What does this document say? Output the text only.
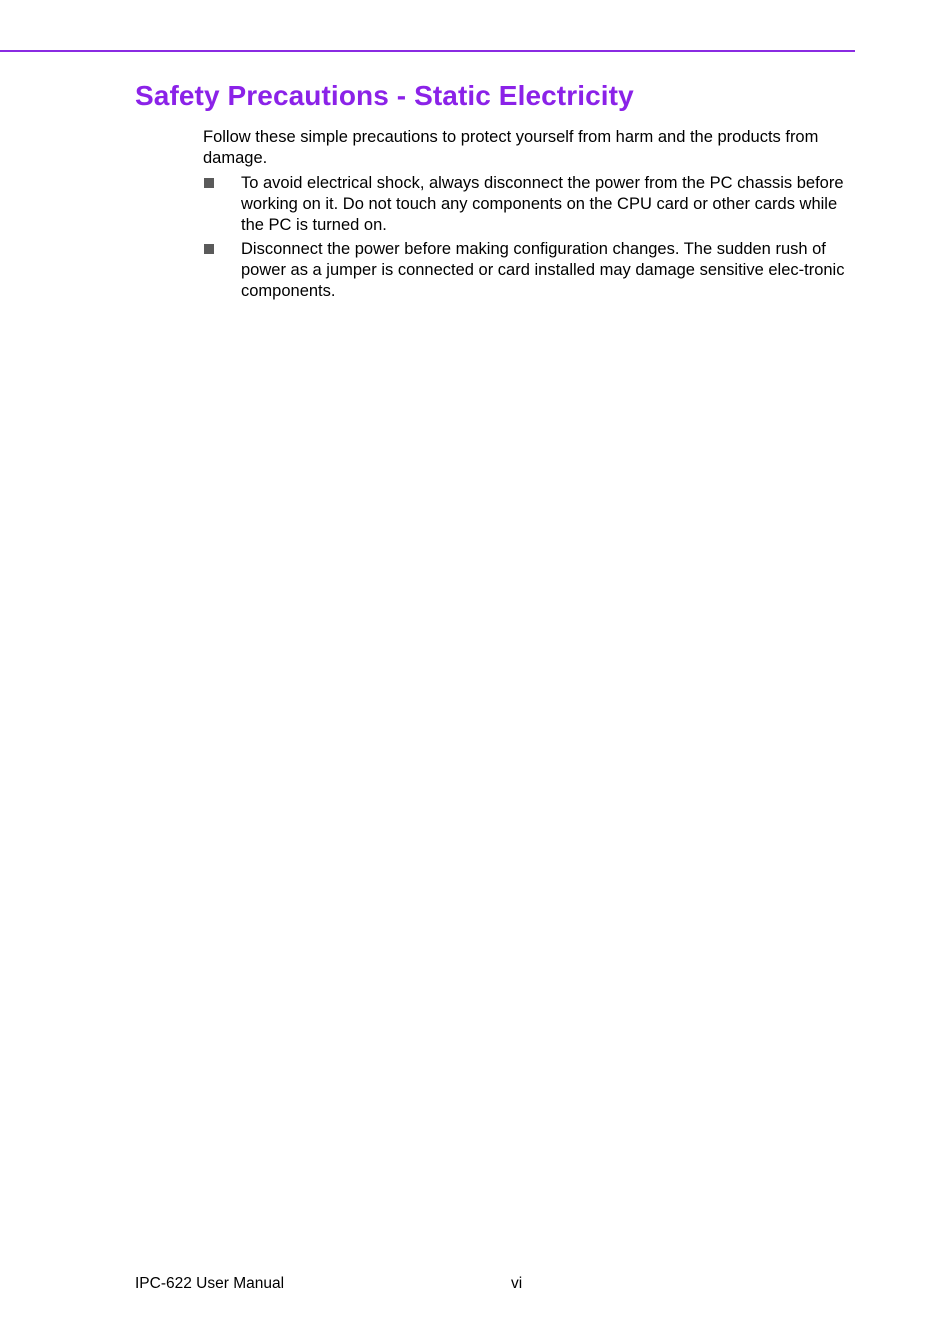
Safety Precautions - Static Electricity

Follow these simple precautions to protect yourself from harm and the products from damage.

To avoid electrical shock, always disconnect the power from the PC chassis before working on it. Do not touch any components on the CPU card or other cards while the PC is turned on.
Disconnect the power before making configuration changes. The sudden rush of power as a jumper is connected or card installed may damage sensitive elec-tronic components.
IPC-622 User Manual	vi
